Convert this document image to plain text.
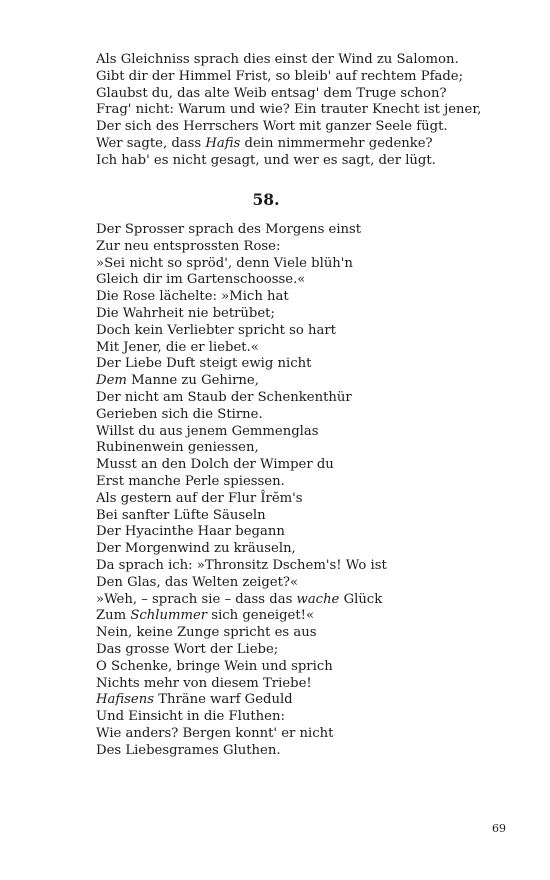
Als Gleichniss sprach dies einst der Wind zu Salomon.
Gibt dir der Himmel Frist, so bleib' auf rechtem Pfade;
Glaubst du, das alte Weib entsag' dem Truge schon?
Frag' nicht: Warum und wie? Ein trauter Knecht ist jener,
Der sich des Herrschers Wort mit ganzer Seele fügt.
Wer sagte, dass Hafis dein nimmermehr gedenke?
Ich hab' es nicht gesagt, und wer es sagt, der lügt.
58.
Der Sprosser sprach des Morgens einst
Zur neu entsprossten Rose:
»Sei nicht so spröd', denn Viele blüh'n
Gleich dir im Gartenschoosse.«
Die Rose lächelte: »Mich hat
Die Wahrheit nie betrübet;
Doch kein Verliebter spricht so hart
Mit Jener, die er liebet.«
Der Liebe Duft steigt ewig nicht
Dem Manne zu Gehirne,
Der nicht am Staub der Schenkenthür
Gerieben sich die Stirne.
Willst du aus jenem Gemmenglas
Rubinenwein geniessen,
Musst an den Dolch der Wimper du
Erst manche Perle spiessen.
Als gestern auf der Flur Îrĕm's
Bei sanfter Lüfte Säuseln
Der Hyacinthe Haar begann
Der Morgenwind zu kräuseln,
Da sprach ich: »Thronsitz Dschem's! Wo ist
Den Glas, das Welten zeiget?«
»Weh, – sprach sie – dass das wache Glück
Zum Schlummer sich geneiget!«
Nein, keine Zunge spricht es aus
Das grosse Wort der Liebe;
O Schenke, bringe Wein und sprich
Nichts mehr von diesem Triebe!
Hafisens Thräne warf Geduld
Und Einsicht in die Fluthen:
Wie anders? Bergen konnt' er nicht
Des Liebesgrames Gluthen.
69
